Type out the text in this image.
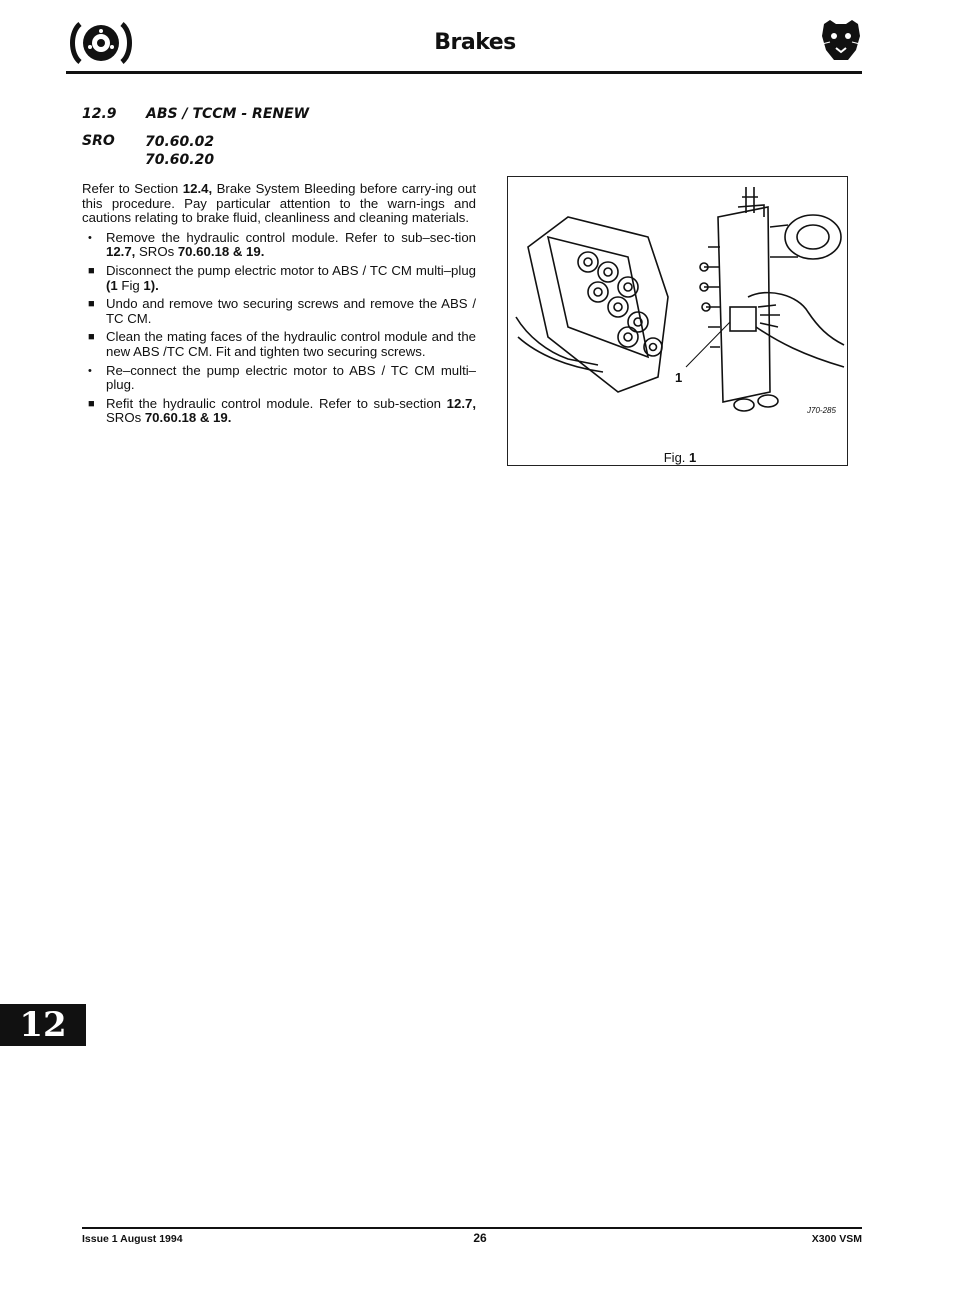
Brakes
12.9 ABS / TCCM - RENEW
SRO 70.60.02
70.60.20

Refer to Section 12.4, Brake System Bleeding before carry-ing out this procedure. Pay particular attention to the warn-ings and cautions relating to brake fluid, cleanliness and cleaning materials.

• Remove the hydraulic control module. Refer to sub–sec-tion 12.7, SROs 70.60.18 & 19.
■ Disconnect the pump electric motor to ABS / TC CM multi–plug (1 Fig 1).
■ Undo and remove two securing screws and remove the ABS / TC CM.
■ Clean the mating faces of the hydraulic control module and the new ABS /TC CM. Fit and tighten two securing screws.
• Re–connect the pump electric motor to ABS / TC CM multi–plug.
■ Refit the hydraulic control module. Refer to sub-section 12.7, SROs 70.60.18 & 19.
1
J70-285
Fig. 1
12
Issue 1 August 1994	26	X300 VSM
